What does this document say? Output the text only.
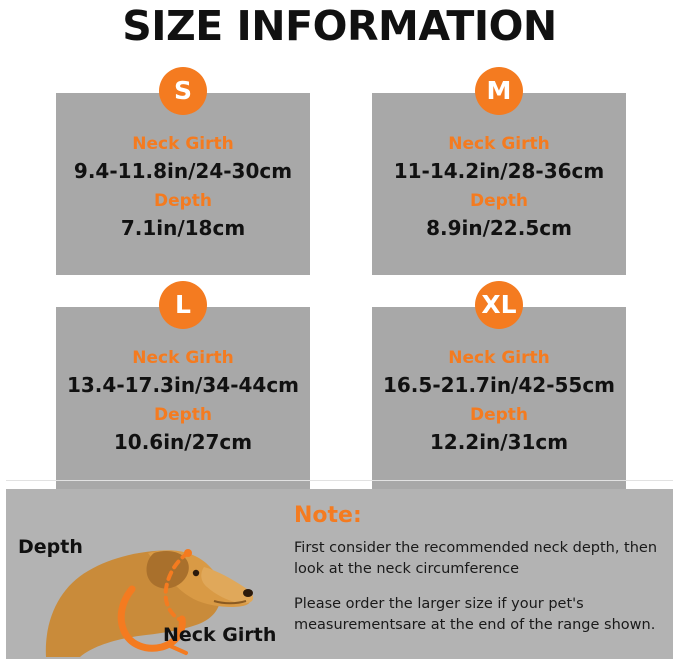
SIZE INFORMATION
S
Neck Girth
9.4-11.8in/24-30cm
Depth
7.1in/18cm
M
Neck Girth
11-14.2in/28-36cm
Depth
8.9in/22.5cm
L
Neck Girth
13.4-17.3in/34-44cm
Depth
10.6in/27cm
XL
Neck Girth
16.5-21.7in/42-55cm
Depth
12.2in/31cm
Depth
Neck Girth
Note:
First consider the recommended neck depth, then look at the neck circumference
Please order the larger size if your pet's measurementsare at the end of the range shown.
